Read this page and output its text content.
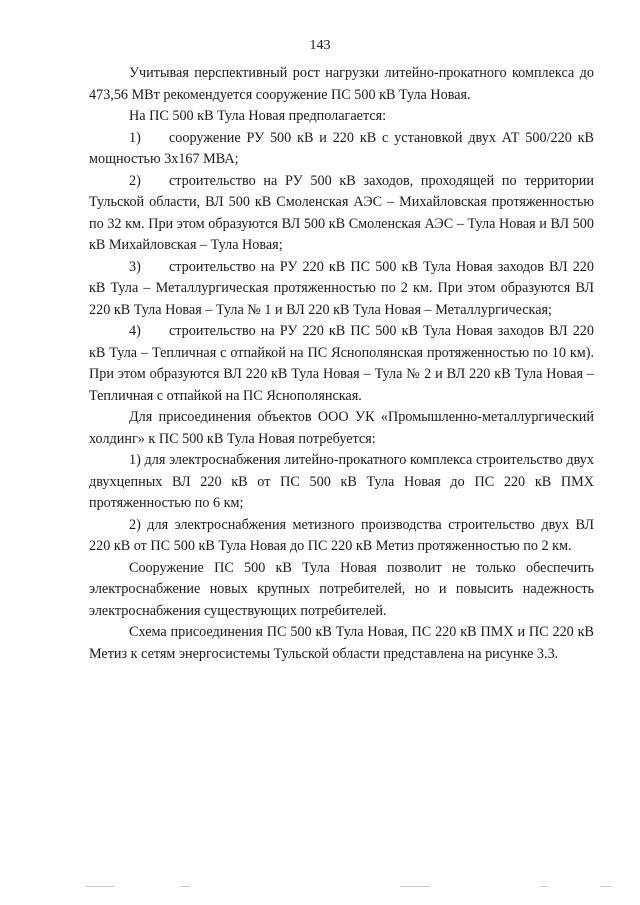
143

Учитывая перспективный рост нагрузки литейно-прокатного комплекса до 473,56 МВт рекомендуется сооружение ПС 500 кВ Тула Новая.

На ПС 500 кВ Тула Новая предполагается:

1) сооружение РУ 500 кВ и 220 кВ с установкой двух АТ 500/220 кВ мощностью 3х167 МВА;

2) строительство на РУ 500 кВ заходов, проходящей по территории Тульской области, ВЛ 500 кВ Смоленская АЭС – Михайловская протяженностью по 32 км. При этом образуются ВЛ 500 кВ Смоленская АЭС – Тула Новая и ВЛ 500 кВ Михайловская – Тула Новая;

3) строительство на РУ 220 кВ ПС 500 кВ Тула Новая заходов ВЛ 220 кВ Тула – Металлургическая протяженностью по 2 км. При этом образуются ВЛ 220 кВ Тула Новая – Тула № 1 и ВЛ 220 кВ Тула Новая – Металлургическая;

4) строительство на РУ 220 кВ ПС 500 кВ Тула Новая заходов ВЛ 220 кВ Тула – Тепличная с отпайкой на ПС Яснополянская протяженностью по 10 км). При этом образуются ВЛ 220 кВ Тула Новая – Тула № 2 и ВЛ 220 кВ Тула Новая – Тепличная с отпайкой на ПС Яснополянская.

Для присоединения объектов ООО УК «Промышленно-металлургический холдинг» к ПС 500 кВ Тула Новая потребуется:

1) для электроснабжения литейно-прокатного комплекса строительство двух двухцепных ВЛ 220 кВ от ПС 500 кВ Тула Новая до ПС 220 кВ ПМХ протяженностью по 6 км;

2) для электроснабжения метизного производства строительство двух ВЛ 220 кВ от ПС 500 кВ Тула Новая до ПС 220 кВ Метиз протяженностью по 2 км.

Сооружение ПС 500 кВ Тула Новая позволит не только обеспечить электроснабжение новых крупных потребителей, но и повысить надежность электроснабжения существующих потребителей.

Схема присоединения ПС 500 кВ Тула Новая, ПС 220 кВ ПМХ и ПС 220 кВ Метиз к сетям энергосистемы Тульской области представлена на рисунке 3.3.
